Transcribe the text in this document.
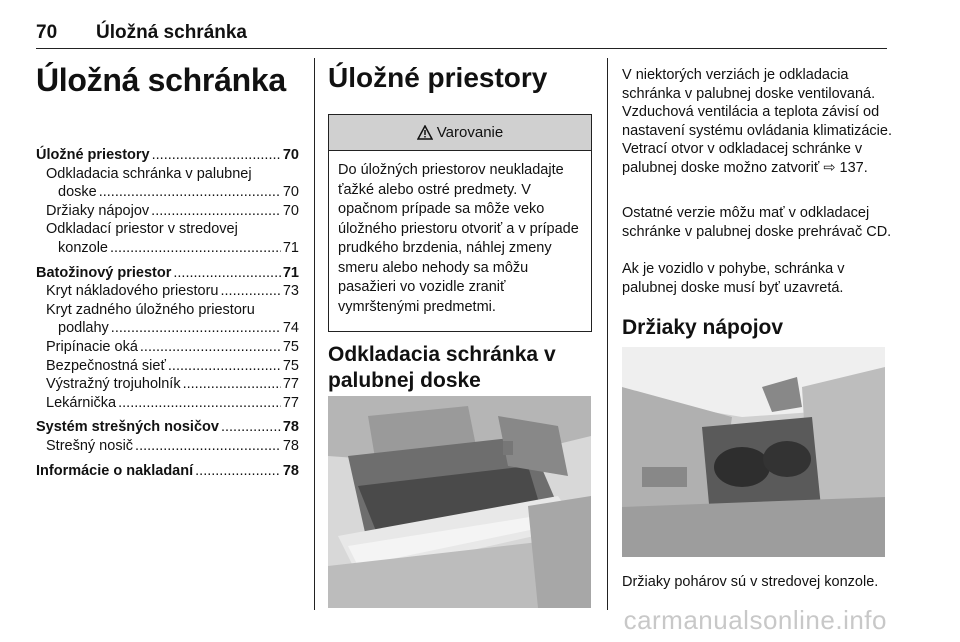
70 Úložná schránka
Úložná schránka
Úložné priestory .....	70
Odkladacia schránka v palubnej
doske .....	70
Držiaky nápojov .....	70
Odkladací priestor v stredovej
konzole .....	71
Batožinový priestor .....	71
Kryt nákladového priestoru .....	73
Kryt zadného úložného priestoru
podlahy .....	74
Pripínacie oká .....	75
Bezpečnostná sieť .....	75
Výstražný trojuholník .....	77
Lekárnička .....	77
Systém strešných nosičov .....	78
Strešný nosič .....	78
Informácie o nakladaní .....	78
Úložné priestory
Varovanie
Do úložných priestorov neukladajte ťažké alebo ostré predmety. V opačnom prípade sa môže veko úložného priestoru otvoriť a v prípade prudkého brzdenia, náhlej zmeny smeru alebo nehody sa môžu pasažieri vo vozidle zraniť vymrštenými predmetmi.
Odkladacia schránka v palubnej doske
V niektorých verziách je odkladacia schránka v palubnej doske ventilovaná. Vzduchová ventilácia a teplota závisí od nastavení systému ovládania klimatizácie. Vetrací otvor v odkladacej schránke v palubnej doske možno zatvoriť ⇨ 137.
Ostatné verzie môžu mať v odkladacej schránke v palubnej doske prehrávač CD.
Ak je vozidlo v pohybe, schránka v palubnej doske musí byť uzavretá.
Držiaky nápojov
Držiaky pohárov sú v stredovej konzole.
carmanualsonline.info
